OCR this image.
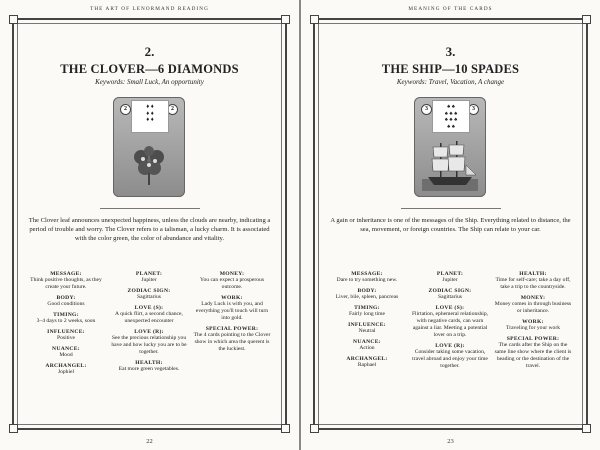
THE ART OF LENORMAND READING
2.
THE CLOVER—6 DIAMONDS
Keywords: Small Luck, An opportunity
2	2
♦ ♦
♦ ♦
♦ ♦
The Clover leaf announces unexpected happiness, unless the clouds are nearby, indicating a period of trouble and worry. The Clover refers to a talisman, a lucky charm. It is associated with the color green, the color of abundance and vitality.
MESSAGE:
Think positive thoughts, as they create your future.
BODY:
Good conditions
TIMING:
3–4 days to 2 weeks, soon
INFLUENCE:
Positive
NUANCE:
Mood
ARCHANGEL:
Jophiel
PLANET:
Jupiter
ZODIAC SIGN:
Sagittarius
LOVE (S):
A quick flirt, a second chance, unexpected encounter
LOVE (R):
See the precious relationship you have and how lucky you are to be together.
HEALTH:
Eat more green vegetables.
MONEY:
You can expect a prosperous outcome.
WORK:
Lady Luck is with you, and everything you'll touch will turn into gold.
SPECIAL POWER:
The 4 cards pointing to the Clover show in which area the querent is the luckiest.
22
MEANING OF THE CARDS
3.
THE SHIP—10 SPADES
Keywords: Travel, Vacation, A change
3	3
♠ ♠
♠ ♠ ♠
♠ ♠ ♠
♠ ♠
A gain or inheritance is one of the messages of the Ship. Everything related to distance, the sea, movement, or foreign countries. The Ship can relate to your car.
MESSAGE:
Dare to try something new.
BODY:
Liver, bile, spleen, pancreas
TIMING:
Fairly long time
INFLUENCE:
Neutral
NUANCE:
Action
ARCHANGEL:
Raphael
PLANET:
Jupiter
ZODIAC SIGN:
Sagittarius
LOVE (S):
Flirtation, ephemeral relationship, with negative cards, can warn against a liar. Meeting a potential lover on a trip.
LOVE (R):
Consider taking some vacation, travel abroad and enjoy your time together.
HEALTH:
Time for self-care; take a day off, take a trip to the countryside.
MONEY:
Money comes in through business or inheritance.
WORK:
Traveling for your work
SPECIAL POWER:
The cards after the Ship on the same line show where the client is heading or the destination of the travel.
23
